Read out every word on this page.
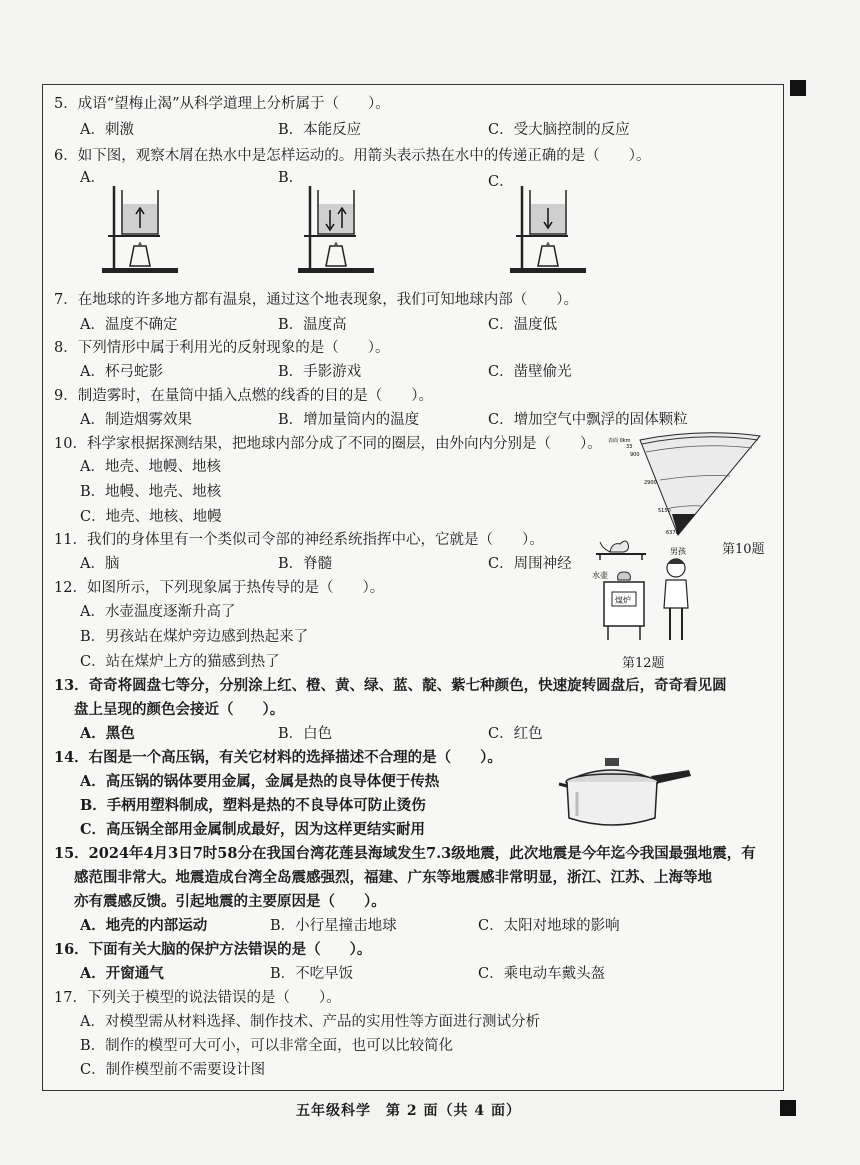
5．成语“望梅止渴”从科学道理上分析属于（　　）。
A．刺激	B．本能反应	C．受大脑控制的反应
6．如下图，观察木屑在热水中是怎样运动的。用箭头表示热在水中的传递正确的是（　　）。
A．	B．	C．
7．在地球的许多地方都有温泉，通过这个地表现象，我们可知地球内部（　　）。
A．温度不确定	B．温度高	C．温度低
8．下列情形中属于利用光的反射现象的是（　　）。
A．杯弓蛇影	B．手影游戏	C．凿壁偷光
9．制造雾时，在量筒中插入点燃的线香的目的是（　　）。
A．制造烟雾效果	B．增加量筒内的温度	C．增加空气中飘浮的固体颗粒
10．科学家根据探测结果，把地球内部分成了不同的圈层，由外向内分别是（　　）。
A．地壳、地幔、地核
B．地幔、地壳、地核
C．地壳、地核、地幔
表面 0km
33
900
2900
5150
6370
第10题
11．我们的身体里有一个类似司令部的神经系统指挥中心，它就是（　　）。
A．脑	B．脊髓	C．周围神经
12．如图所示，下列现象属于热传导的是（　　）。
A．水壶温度逐渐升高了
B．男孩站在煤炉旁边感到热起来了
C．站在煤炉上方的猫感到热了
水壶
煤炉
男孩
第12题
13．奇奇将圆盘七等分，分别涂上红、橙、黄、绿、蓝、靛、紫七种颜色，快速旋转圆盘后，奇奇看见圆
盘上呈现的颜色会接近（　　）。
A．黑色	B．白色	C．红色
14．右图是一个高压锅，有关它材料的选择描述不合理的是（　　）。
A．高压锅的锅体要用金属，金属是热的良导体便于传热
B．手柄用塑料制成，塑料是热的不良导体可防止烫伤
C．高压锅全部用金属制成最好，因为这样更结实耐用
15．2024年4月3日7时58分在我国台湾花莲县海域发生7.3级地震，此次地震是今年迄今我国最强地震，有
感范围非常大。地震造成台湾全岛震感强烈，福建、广东等地震感非常明显，浙江、江苏、上海等地
亦有震感反馈。引起地震的主要原因是（　　）。
A．地壳的内部运动	B．小行星撞击地球	C．太阳对地球的影响
16．下面有关大脑的保护方法错误的是（　　）。
A．开窗通气	B．不吃早饭	C．乘电动车戴头盔
17．下列关于模型的说法错误的是（　　）。
A．对模型需从材料选择、制作技术、产品的实用性等方面进行测试分析
B．制作的模型可大可小，可以非常全面，也可以比较简化
C．制作模型前不需要设计图
五年级科学　第 2 面（共 4 面）
